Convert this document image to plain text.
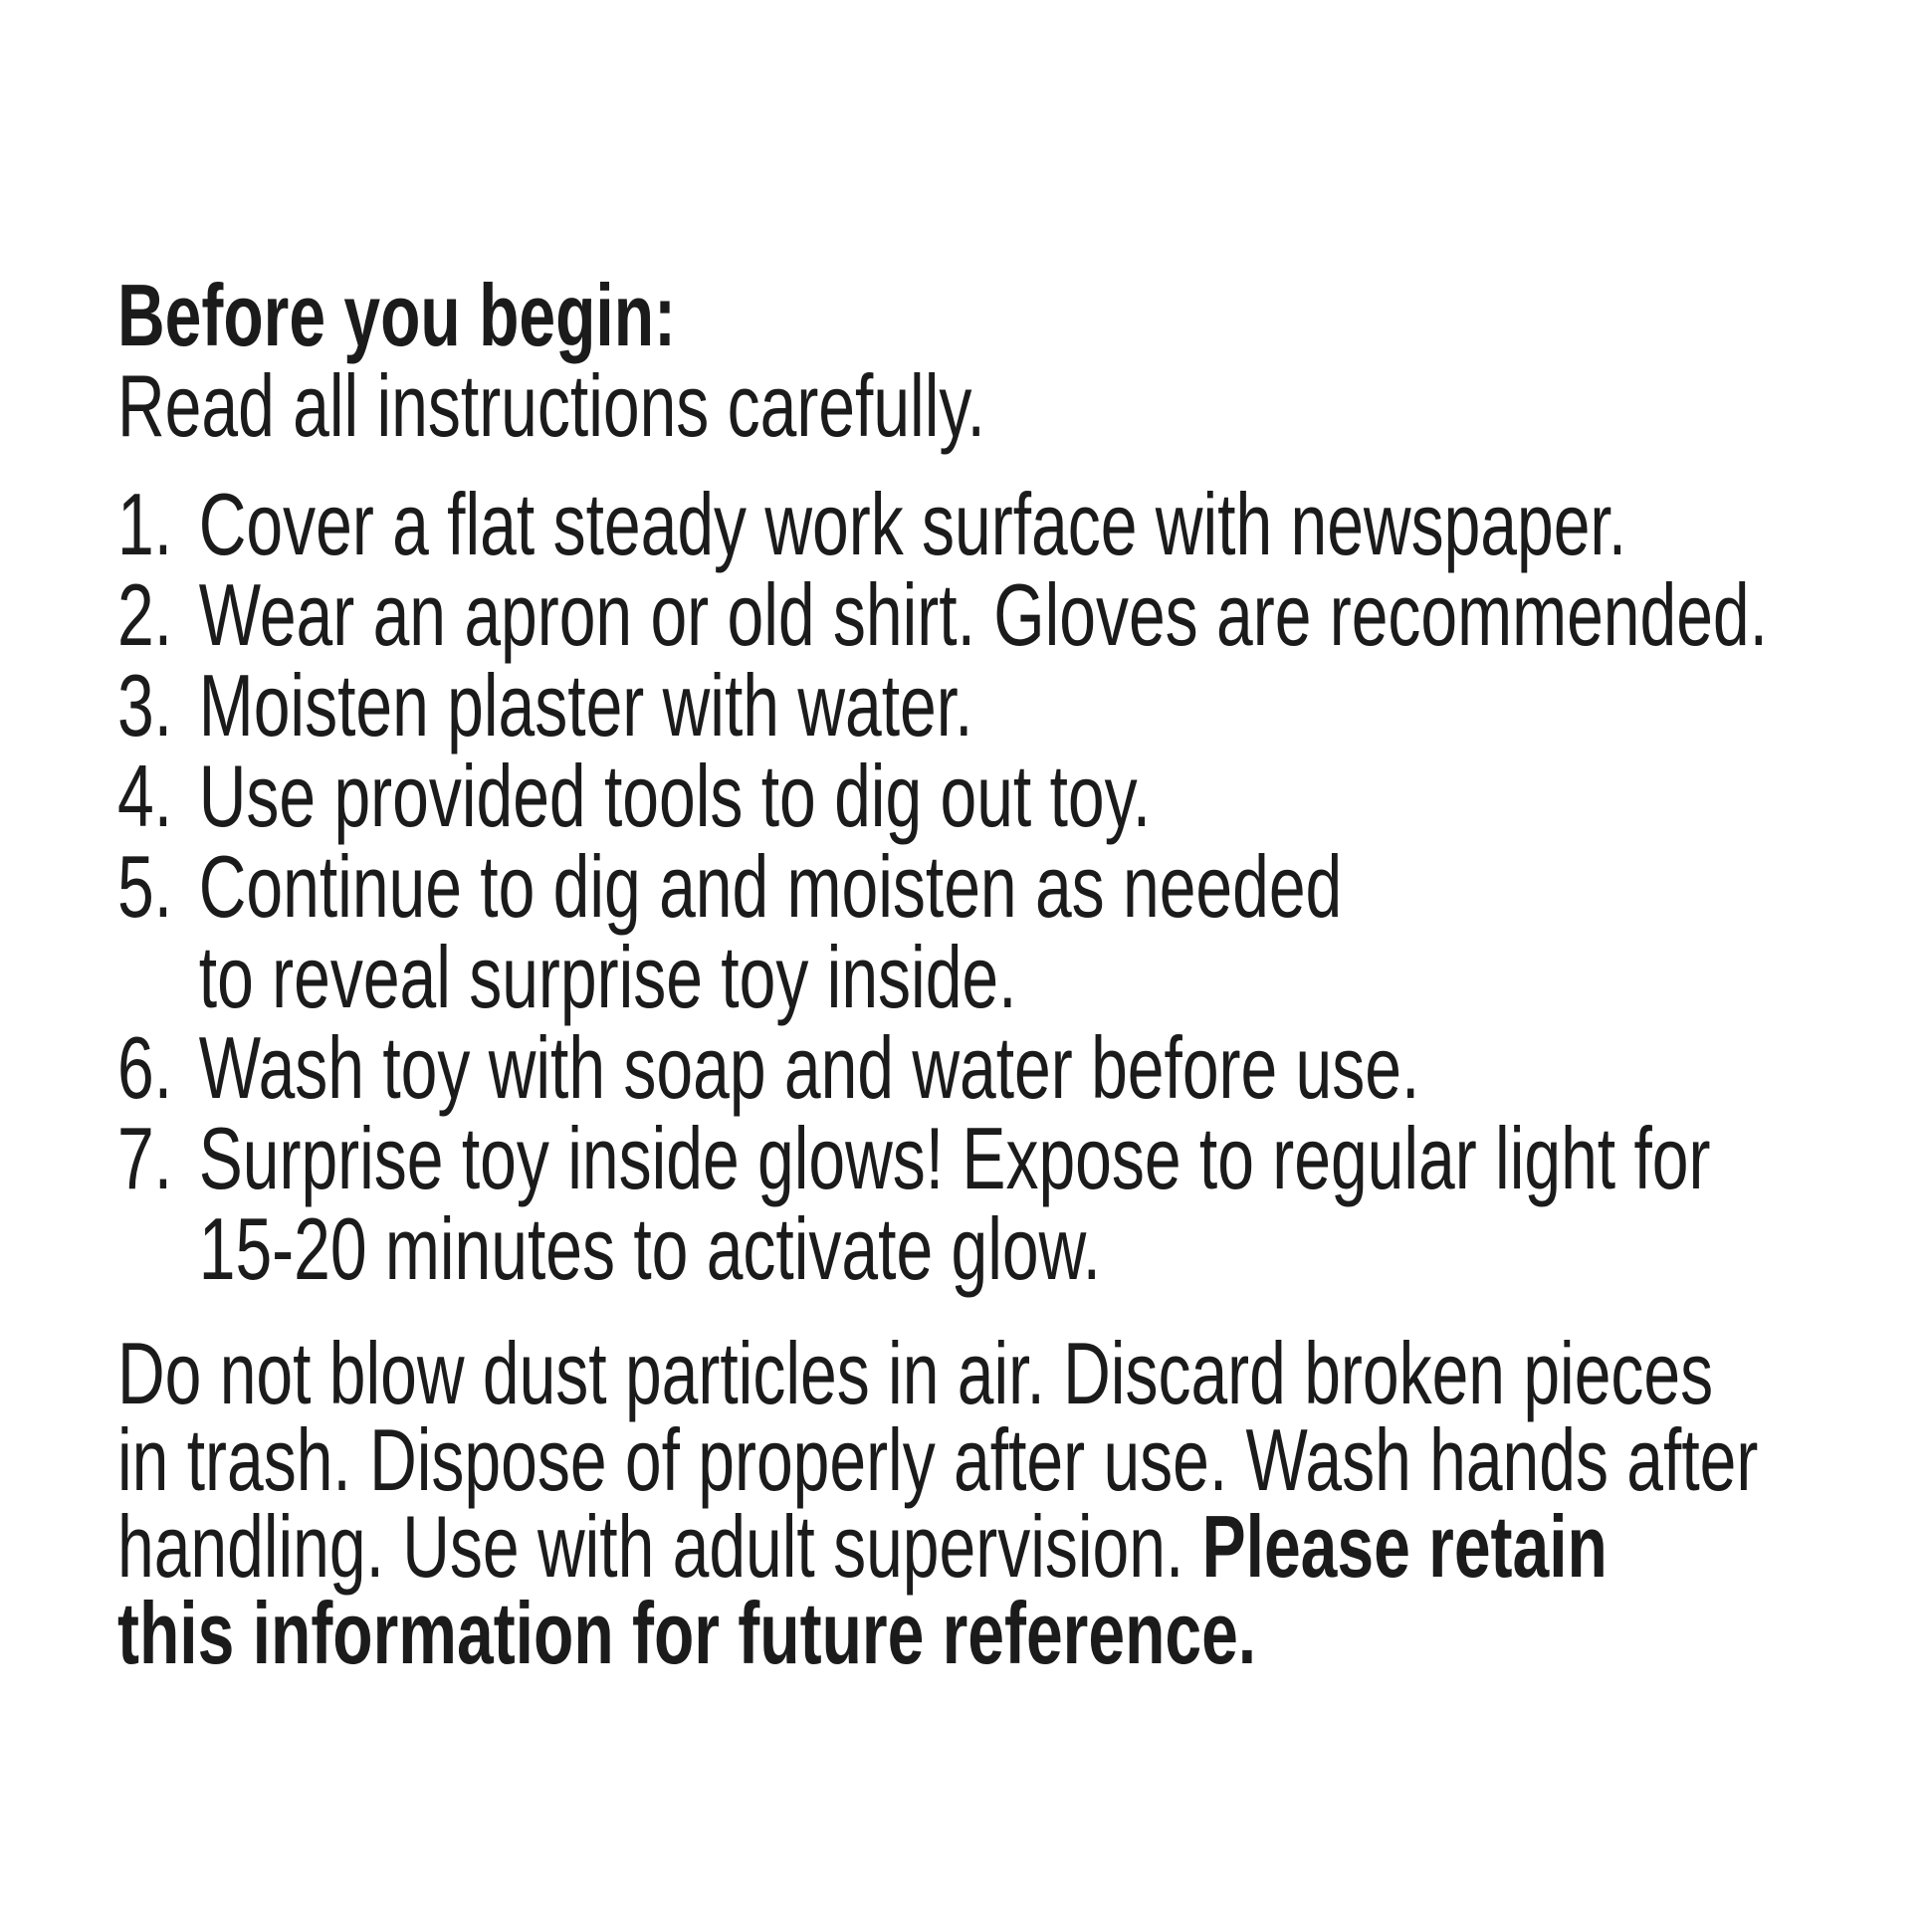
Before you begin:
Read all instructions carefully.
1. Cover a flat steady work surface with newspaper.
2. Wear an apron or old shirt. Gloves are recommended.
3. Moisten plaster with water.
4. Use provided tools to dig out toy.
5. Continue to dig and moisten as needed
to reveal surprise toy inside.
6. Wash toy with soap and water before use.
7. Surprise toy inside glows! Expose to regular light for
15-20 minutes to activate glow.
Do not blow dust particles in air. Discard broken pieces
in trash. Dispose of properly after use. Wash hands after
handling. Use with adult supervision. Please retain
this information for future reference.
